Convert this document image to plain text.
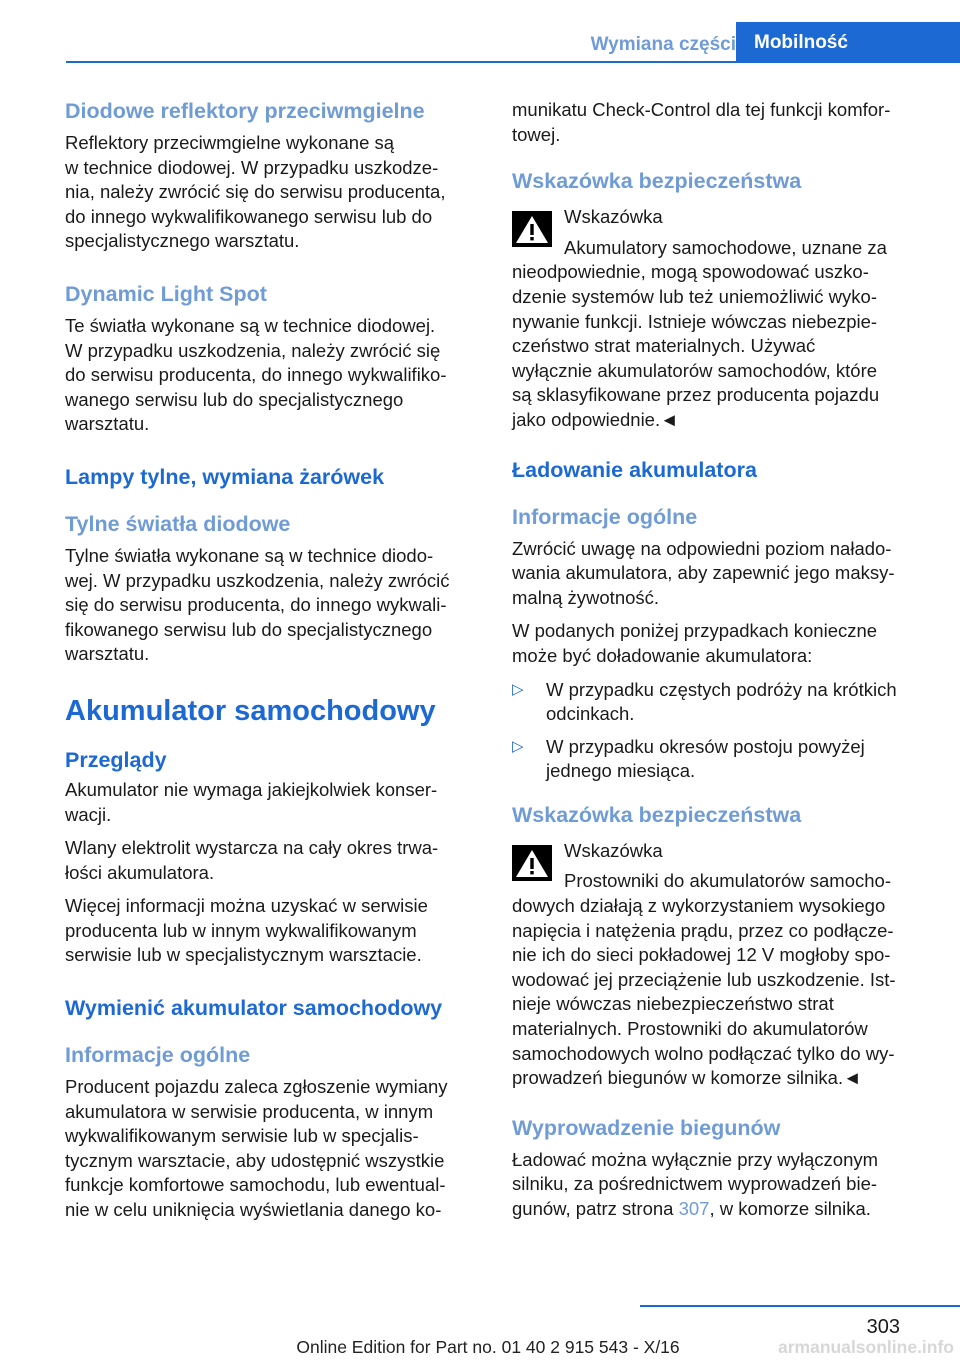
Wymiana części Mobilność
Diodowe reflektory przeciwmgielne

Reflektory przeciwmgielne wykonane są
w technice diodowej. W przypadku uszkodze-
nia, należy zwrócić się do serwisu producenta,
do innego wykwalifikowanego serwisu lub do
specjalistycznego warsztatu.

Dynamic Light Spot

Te światła wykonane są w technice diodowej.
W przypadku uszkodzenia, należy zwrócić się
do serwisu producenta, do innego wykwalifiko-
wanego serwisu lub do specjalistycznego
warsztatu.

Lampy tylne, wymiana żarówek
Tylne światła diodowe

Tylne światła wykonane są w technice diodo-
wej. W przypadku uszkodzenia, należy zwrócić
się do serwisu producenta, do innego wykwali-
fikowanego serwisu lub do specjalistycznego
warsztatu.

Akumulator samochodowy
Przeglądy

Akumulator nie wymaga jakiejkolwiek konser-
wacji.

Wlany elektrolit wystarcza na cały okres trwa-
łości akumulatora.

Więcej informacji można uzyskać w serwisie
producenta lub w innym wykwalifikowanym
serwisie lub w specjalistycznym warsztacie.

Wymienić akumulator samochodowy
Informacje ogólne

Producent pojazdu zaleca zgłoszenie wymiany
akumulatora w serwisie producenta, w innym
wykwalifikowanym serwisie lub w specjalis-
tycznym warsztacie, aby udostępnić wszystkie
funkcje komfortowe samochodu, lub ewentual-
nie w celu uniknięcia wyświetlania danego ko-

munikatu Check-Control dla tej funkcji komfor-
towej.

Wskazówka bezpieczeństwa
Wskazówka
Akumulatory samochodowe, uznane za
nieodpowiednie, mogą spowodować uszko-
dzenie systemów lub też uniemożliwić wyko-
nywanie funkcji. Istnieje wówczas niebezpie-
czeństwo strat materialnych. Używać
wyłącznie akumulatorów samochodów, które
są sklasyfikowane przez producenta pojazdu
jako odpowiednie.◄
Ładowanie akumulatora
Informacje ogólne

Zwrócić uwagę na odpowiedni poziom nałado-
wania akumulatora, aby zapewnić jego maksy-
malną żywotność.

W podanych poniżej przypadkach konieczne
może być doładowanie akumulatora:

▷ W przypadku częstych podróży na krótkich
odcinkach.
▷ W przypadku okresów postoju powyżej
jednego miesiąca.
Wskazówka bezpieczeństwa
Wskazówka
Prostowniki do akumulatorów samocho-
dowych działają z wykorzystaniem wysokiego
napięcia i natężenia prądu, przez co podłącze-
nie ich do sieci pokładowej 12 V mogłoby spo-
wodować jej przeciążenie lub uszkodzenie. Ist-
nieje wówczas niebezpieczeństwo strat
materialnych. Prostowniki do akumulatorów
samochodowych wolno podłączać tylko do wy-
prowadzeń biegunów w komorze silnika.◄
Wyprowadzenie biegunów

Ładować można wyłącznie przy wyłączonym
silniku, za pośrednictwem wyprowadzeń bie-
gunów, patrz strona 307, w komorze silnika.

303
Online Edition for Part no. 01 40 2 915 543 - X/16	armanualsonline.info
